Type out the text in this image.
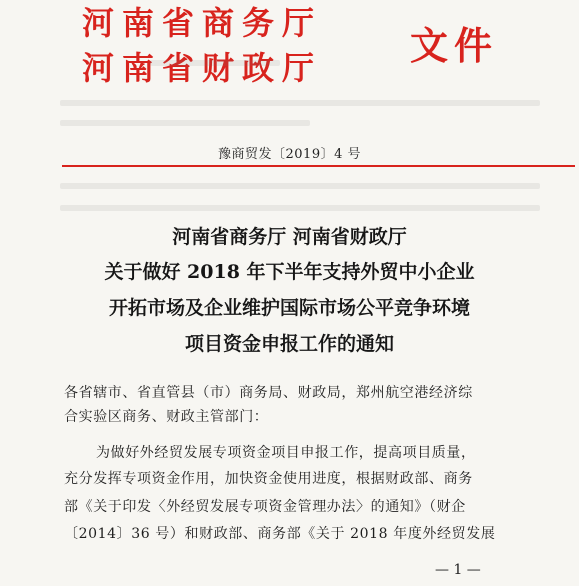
河南省商务厅
河南省财政厅 文件
豫商贸发〔2019〕4 号
河南省商务厅 河南省财政厅
关于做好 2018 年下半年支持外贸中小企业
开拓市场及企业维护国际市场公平竞争环境
项目资金申报工作的通知
各省辖市、省直管县（市）商务局、财政局，郑州航空港经济综
合实验区商务、财政主管部门：
为做好外经贸发展专项资金项目申报工作，提高项目质量，
充分发挥专项资金作用，加快资金使用进度，根据财政部、商务
部《关于印发〈外经贸发展专项资金管理办法〉的通知》（财企
〔2014〕36 号）和财政部、商务部《关于 2018 年度外经贸发展
— 1 —
